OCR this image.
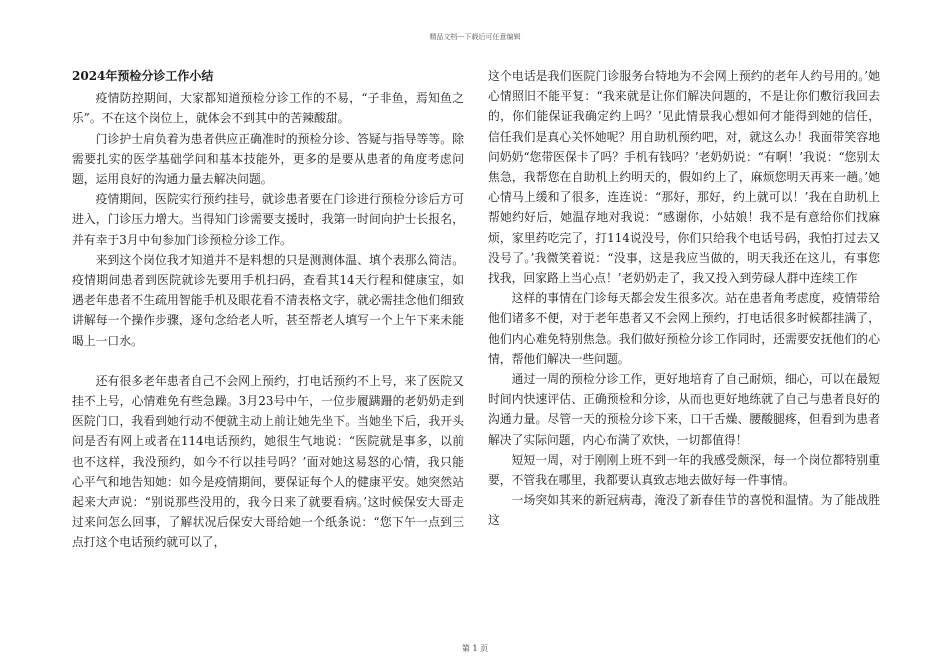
精品文档---下载后可任意编辑
2024年预检分诊工作小结

疫情防控期间，大家都知道预检分诊工作的不易，“子非鱼，焉知鱼之乐”。不在这个岗位上，就体会不到其中的苦辣酸甜。

门诊护士肩负着为患者供应正确准时的预检分诊、答疑与指导等等。除需要扎实的医学基础学问和基本技能外，更多的是要从患者的角度考虑问题，运用良好的沟通力量去解决问题。

疫情期间，医院实行预约挂号，就诊患者要在门诊进行预检分诊后方可进入，门诊压力增大。当得知门诊需要支援时，我第一时间向护士长报名，并有幸于3月中旬参加门诊预检分诊工作。

来到这个岗位我才知道并不是料想的只是测测体温、填个表那么简洁。疫情期间患者到医院就诊先要用手机扫码，查看其14天行程和健康宝，如遇老年患者不生疏用智能手机及眼花看不清表格文字，就必需挂念他们细致讲解每一个操作步骤，逐句念给老人听，甚至帮老人填写一个上午下来未能喝上一口水。

还有很多老年患者自己不会网上预约，打电话预约不上号，来了医院又挂不上号，心情难免有些急躁。3月23号中午，一位步履蹒跚的老奶奶走到医院门口，我看到她行动不便就主动上前让她先坐下。当她坐下后，我开头问是否有网上或者在114电话预约，她很生气地说：“医院就是事多，以前也不这样，我没预约，如今不行以挂号吗？’面对她这易怒的心情，我只能心平气和地告知她：如今是疫情期间，要保证每个人的健康平安。她突然站起来大声说：“别说那些没用的，我今日来了就要看病。’这时候保安大哥走过来问怎么回事，了解状况后保安大哥给她一个纸条说：“您下午一点到三点打这个电话预约就可以了，

这个电话是我们医院门诊服务台特地为不会网上预约的老年人约号用的。’她心情照旧不能平复：“我来就是让你们解决问题的，不是让你们敷衍我回去的，你们能保证我确定约上吗？’见此情景我心想如何才能得到她的信任，信任我们是真心关怀她呢？用自助机预约吧，对，就这么办！我面带笑容地问奶奶“您带医保卡了吗？手机有钱吗？’老奶奶说：“有啊！’我说：“您别太焦急，我帮您在自助机上约明天的，假如约上了，麻烦您明天再来一趟。’她心情马上缓和了很多，连连说：“那好，那好，约上就可以！’我在自助机上帮她约好后，她温存地对我说：“感谢你，小姑娘！我不是有意给你们找麻烦，家里药吃完了，打114说没号，你们只给我个电话号码，我怕打过去又没号了。’我微笑着说：“没事，这是我应当做的，明天我还在这儿，有事您找我，回家路上当心点！’老奶奶走了，我又投入到劳碌人群中连续工作

这样的事情在门诊每天都会发生很多次。站在患者角考虑度，疫情带给他们诸多不便，对于老年患者又不会网上预约，打电话很多时候都挂满了，他们内心难免特别焦急。我们做好预检分诊工作同时，还需要安抚他们的心情，帮他们解决一些问题。

通过一周的预检分诊工作，更好地培育了自己耐烦，细心，可以在最短时间内快速评估、正确预检和分诊，从而也更好地练就了自己与患者良好的沟通力量。尽管一天的预检分诊下来，口干舌燥、腰酸腿疼，但看到为患者解决了实际问题，内心布满了欢快，一切都值得！

短短一周，对于刚刚上班不到一年的我感受颇深，每一个岗位都特别重要，不管我在哪里，我都要认真致志地去做好每一件事情。

一场突如其来的新冠病毒，淹没了新春佳节的喜悦和温情。为了能战胜这

第 1 页
